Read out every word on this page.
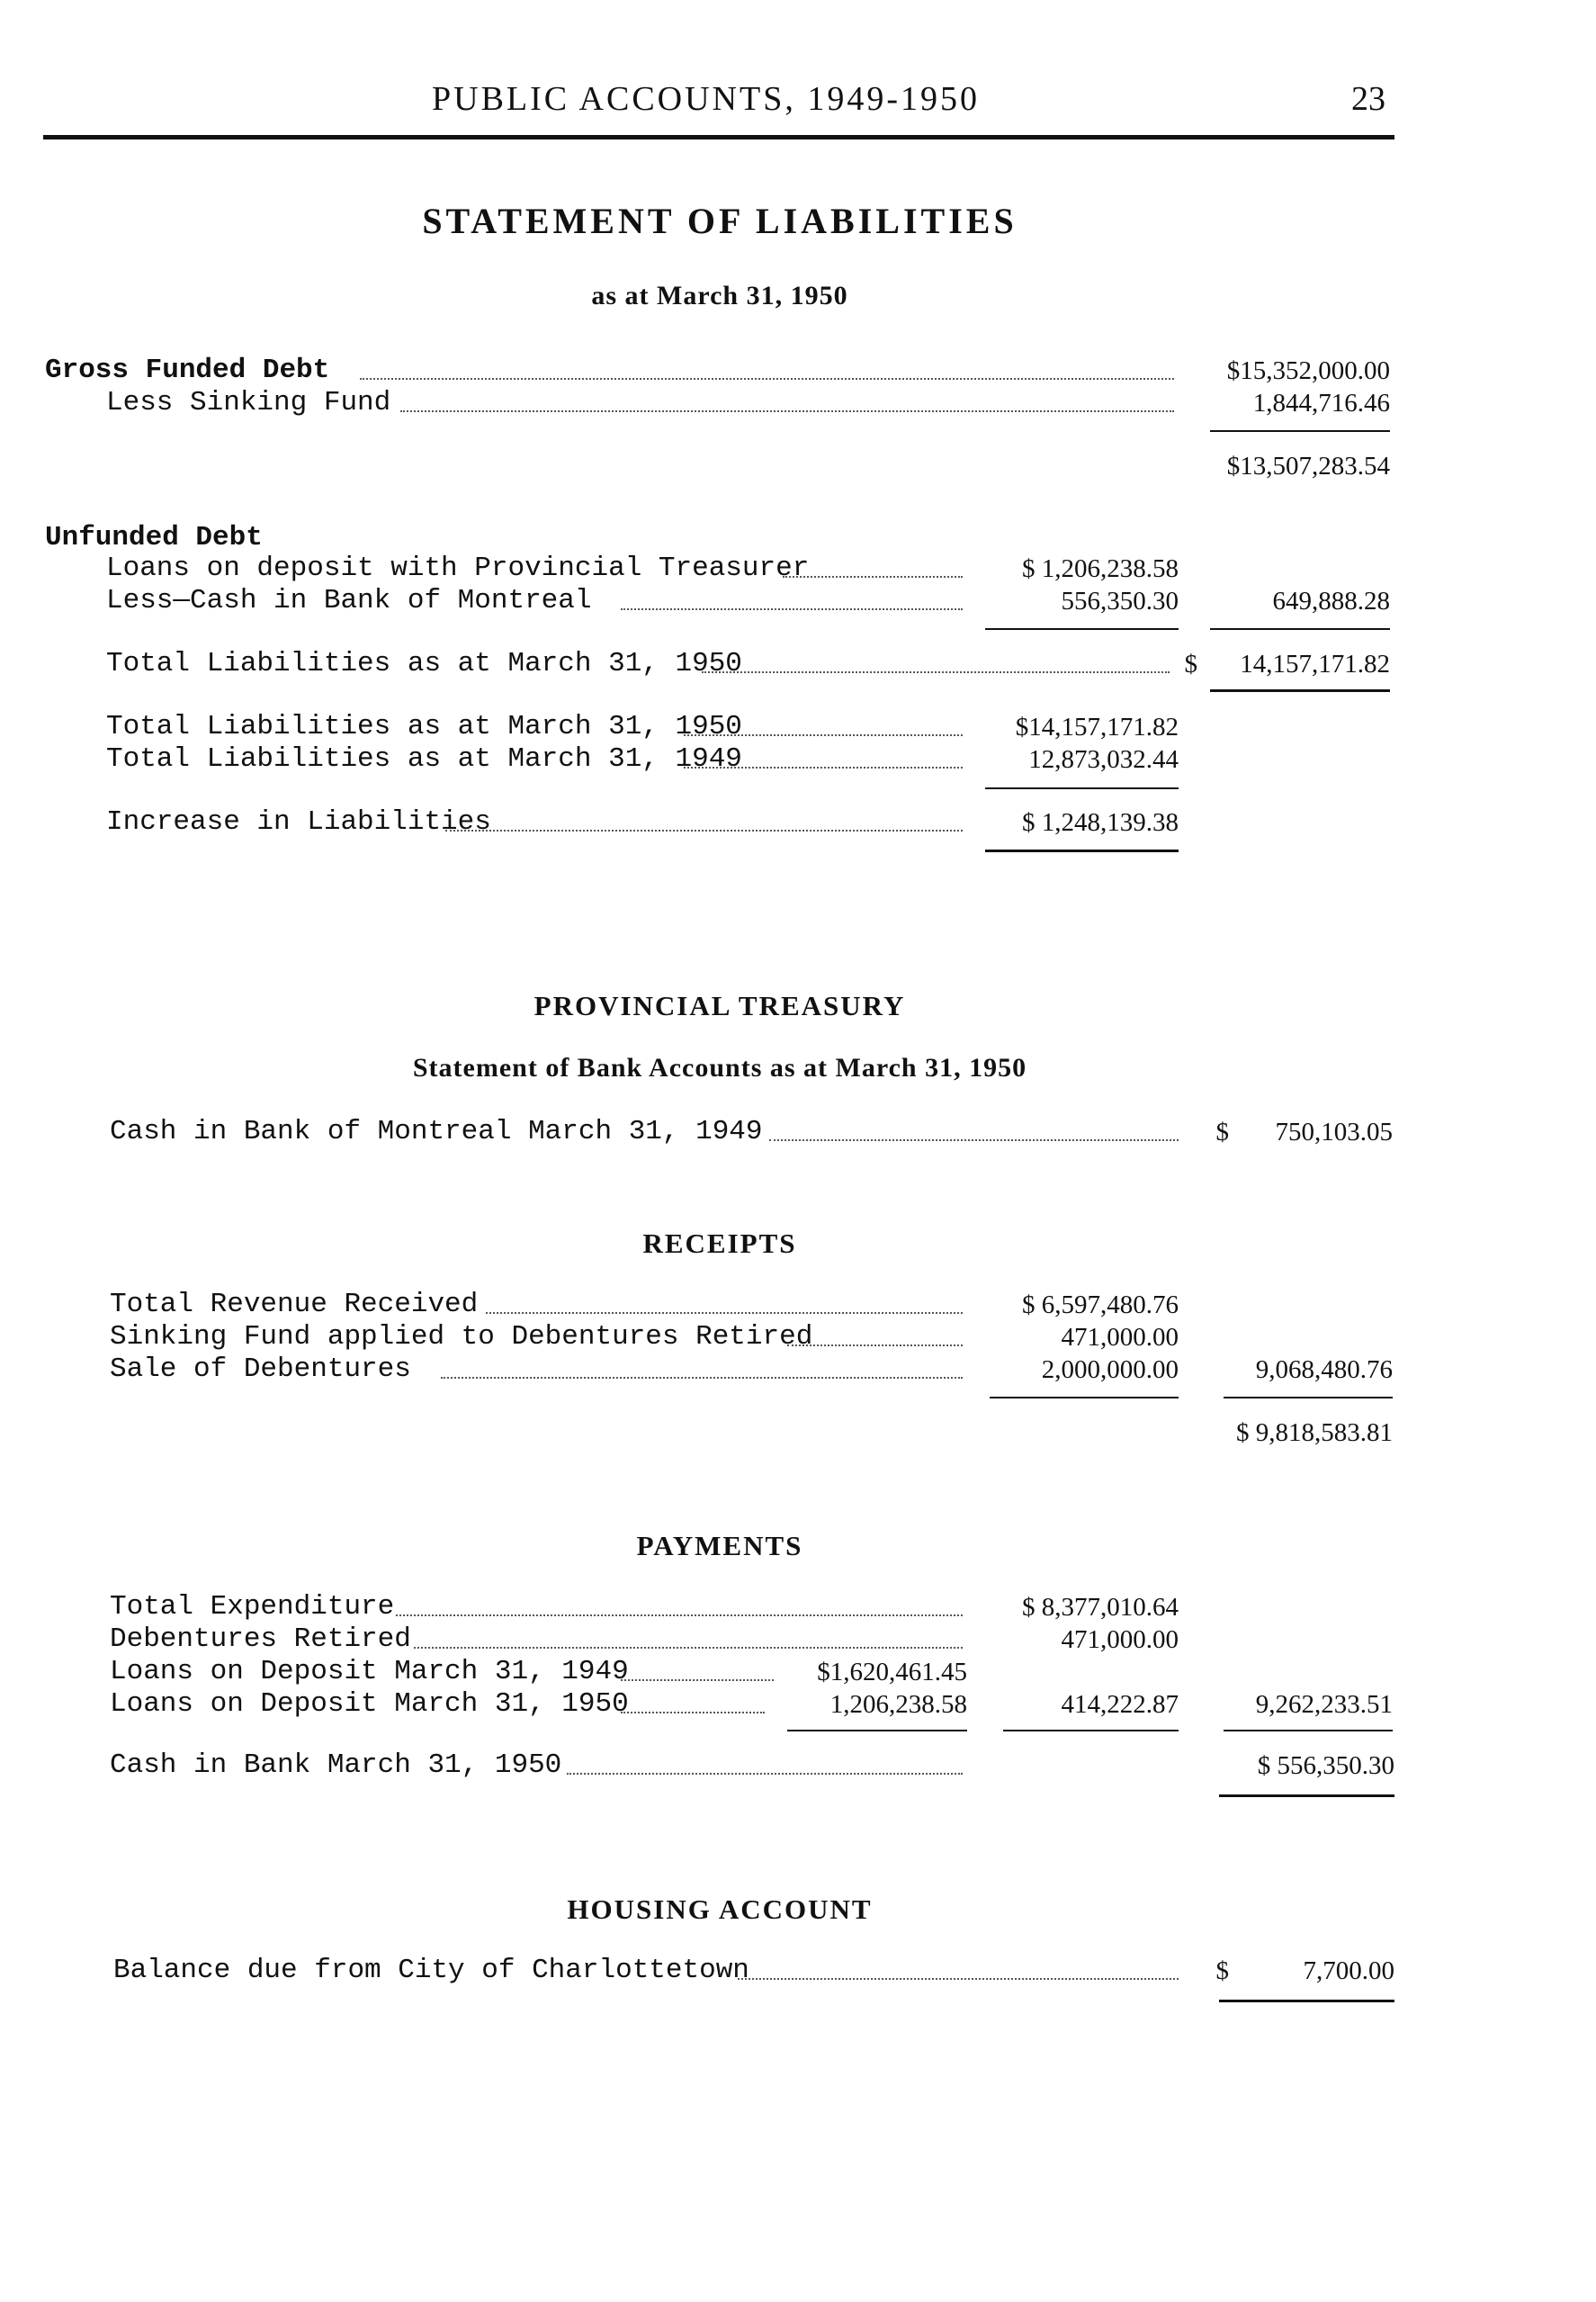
PUBLIC ACCOUNTS, 1949-1950	23
STATEMENT OF LIABILITIES
as at March 31, 1950
Gross Funded Debt	$15,352,000.00
Less Sinking Fund	1,844,716.46
$13,507,283.54
Unfunded Debt
Loans on deposit with Provincial Treasurer	$ 1,206,238.58
Less—Cash in Bank of Montreal	556,350.30	649,888.28
Total Liabilities as at March 31, 1950	$	14,157,171.82
Total Liabilities as at March 31, 1950	$14,157,171.82
Total Liabilities as at March 31, 1949	12,873,032.44
Increase in Liabilities	$ 1,248,139.38
PROVINCIAL TREASURY
Statement of Bank Accounts as at March 31, 1950
Cash in Bank of Montreal March 31, 1949	$	750,103.05
RECEIPTS
Total Revenue Received	$ 6,597,480.76
Sinking Fund applied to Debentures Retired	471,000.00
Sale of Debentures	2,000,000.00	9,068,480.76
$ 9,818,583.81
PAYMENTS
Total Expenditure	$ 8,377,010.64
Debentures Retired	471,000.00
Loans on Deposit March 31, 1949	$1,620,461.45
Loans on Deposit March 31, 1950	1,206,238.58	414,222.87	9,262,233.51
Cash in Bank March 31, 1950	$ 556,350.30
HOUSING ACCOUNT
Balance due from City of Charlottetown	$	7,700.00
